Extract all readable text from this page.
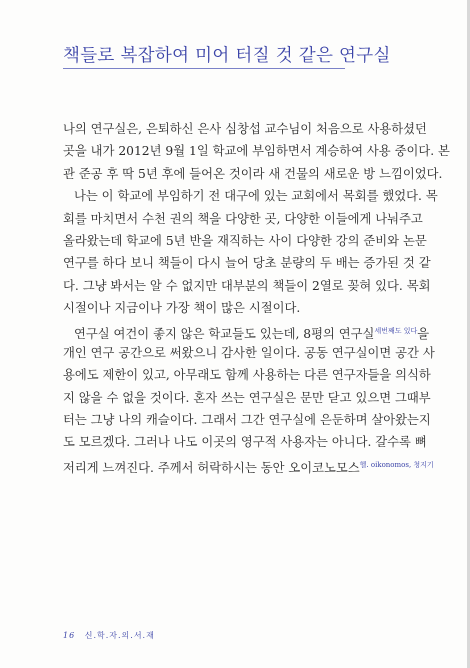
책들로 복잡하여 미어 터질 것 같은 연구실
나의 연구실은, 은퇴하신 은사 심창섭 교수님이 처음으로 사용하셨던
곳을 내가 2012년 9월 1일 학교에 부임하면서 계승하여 사용 중이다. 본
관 준공 후 딱 5년 후에 들어온 것이라 새 건물의 새로운 방 느낌이었다.
나는 이 학교에 부임하기 전 대구에 있는 교회에서 목회를 했었다. 목
회를 마치면서 수천 권의 책을 다양한 곳, 다양한 이들에게 나눠주고
올라왔는데 학교에 5년 반을 재직하는 사이 다양한 강의 준비와 논문
연구를 하다 보니 책들이 다시 늘어 당초 분량의 두 배는 증가된 것 같
다. 그냥 봐서는 알 수 없지만 대부분의 책들이 2열로 꽂혀 있다. 목회
시절이나 지금이나 가장 책이 많은 시절이다.
연구실 여건이 좋지 않은 학교들도 있는데, 8평의 연구실$^{세번째도 있다}$을
개인 연구 공간으로 써왔으니 감사한 일이다. 공동 연구실이면 공간 사
용에도 제한이 있고, 아무래도 함께 사용하는 다른 연구자들을 의식하
지 않을 수 없을 것이다. 혼자 쓰는 연구실은 문만 닫고 있으면 그때부
터는 그냥 나의 캐슬이다. 그래서 그간 연구실에 은둔하며 살아왔는지
도 모르겠다. 그러나 나도 이곳의 영구적 사용자는 아니다. 갈수록 뼈
저리게 느껴진다. 주께서 허락하시는 동안 오이코노모스$^{헬. oikonomos, 청지기}$
16 신.학.자.의.서.재
